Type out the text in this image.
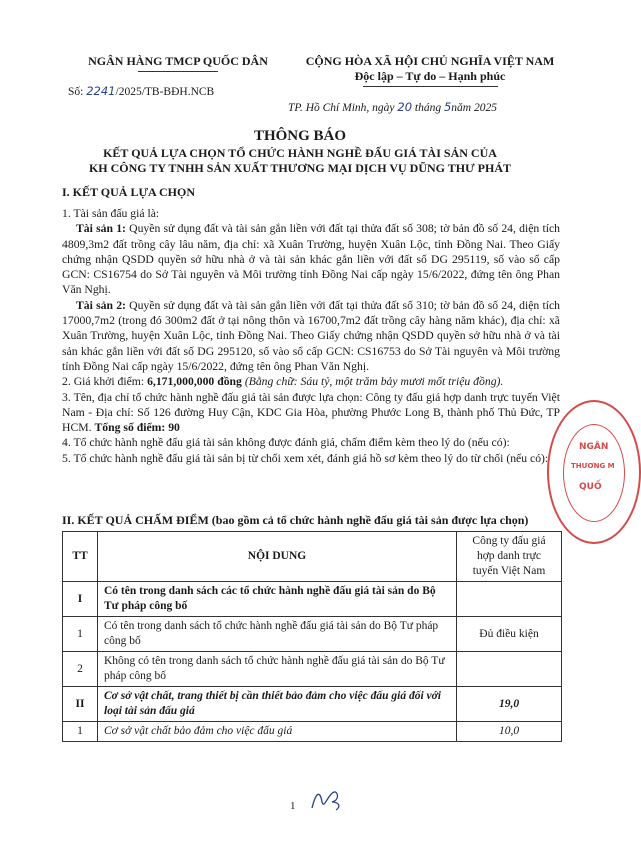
NGÂN HÀNG TMCP QUỐC DÂN	CỘNG HÒA XÃ HỘI CHỦ NGHĨA VIỆT NAM
Độc lập – Tự do – Hạnh phúc
Số: 2241/2025/TB-BĐH.NCB
TP. Hồ Chí Minh, ngày 20 tháng 5năm 2025
THÔNG BÁO
KẾT QUẢ LỰA CHỌN TỔ CHỨC HÀNH NGHỀ ĐẤU GIÁ TÀI SẢN CỦA
KH CÔNG TY TNHH SẢN XUẤT THƯƠNG MẠI DỊCH VỤ DŨNG THƯ PHÁT
I. KẾT QUẢ LỰA CHỌN

1. Tài sản đấu giá là:

Tài sản 1: Quyền sử dụng đất và tài sản gắn liền với đất tại thửa đất số 308; tờ bản đồ số 24, diện tích 4809,3m2 đất trồng cây lâu năm, địa chỉ: xã Xuân Trường, huyện Xuân Lộc, tỉnh Đồng Nai. Theo Giấy chứng nhận QSDD quyền sở hữu nhà ở và tài sản khác gắn liền với đất số DG 295119, số vào sổ cấp GCN: CS16754 do Sở Tài nguyên và Môi trường tỉnh Đồng Nai cấp ngày 15/6/2022, đứng tên ông Phan Văn Nghị.

Tài sản 2: Quyền sử dụng đất và tài sản gắn liền với đất tại thửa đất số 310; tờ bản đồ số 24, diện tích 17000,7m2 (trong đó 300m2 đất ở tại nông thôn và 16700,7m2 đất trồng cây hàng năm khác), địa chỉ: xã Xuân Trường, huyện Xuân Lộc, tỉnh Đồng Nai. Theo Giấy chứng nhận QSDD quyền sở hữu nhà ở và tài sản khác gắn liền với đất số DG 295120, số vào sổ cấp GCN: CS16753 do Sở Tài nguyên và Môi trường tỉnh Đồng Nai cấp ngày 15/6/2022, đứng tên ông Phan Văn Nghị.

2. Giá khởi điểm: 6,171,000,000 đồng (Bằng chữ: Sáu tỷ, một trăm bảy mươi mốt triệu đồng).

3. Tên, địa chỉ tổ chức hành nghề đấu giá tài sản được lựa chọn: Công ty đấu giá hợp danh trực tuyến Việt Nam - Địa chỉ: Số 126 đường Huy Cận, KDC Gia Hòa, phường Phước Long B, thành phố Thủ Đức, TP HCM. Tổng số điểm: 90

4. Tổ chức hành nghề đấu giá tài sản không được đánh giá, chấm điểm kèm theo lý do (nếu có):

5. Tổ chức hành nghề đấu giá tài sản bị từ chối xem xét, đánh giá hồ sơ kèm theo lý do từ chối (nếu có):

II. KẾT QUẢ CHẤM ĐIỂM (bao gồm cả tổ chức hành nghề đấu giá tài sản được lựa chọn)
TT	NỘI DUNG	Công ty đấu giá hợp danh trực tuyến Việt Nam
I	Có tên trong danh sách các tổ chức hành nghề đấu giá tài sản do Bộ Tư pháp công bố	
1	Có tên trong danh sách tổ chức hành nghề đấu giá tài sản do Bộ Tư pháp công bố	Đủ điều kiện
2	Không có tên trong danh sách tổ chức hành nghề đấu giá tài sản do Bộ Tư pháp công bố	
II	Cơ sở vật chất, trang thiết bị cần thiết bảo đảm cho việc đấu giá đối với loại tài sản đấu giá	19,0
1	Cơ sở vật chất bảo đảm cho việc đấu giá	10,0
NGÂN
THƯƠNG M
QUỐ
1
